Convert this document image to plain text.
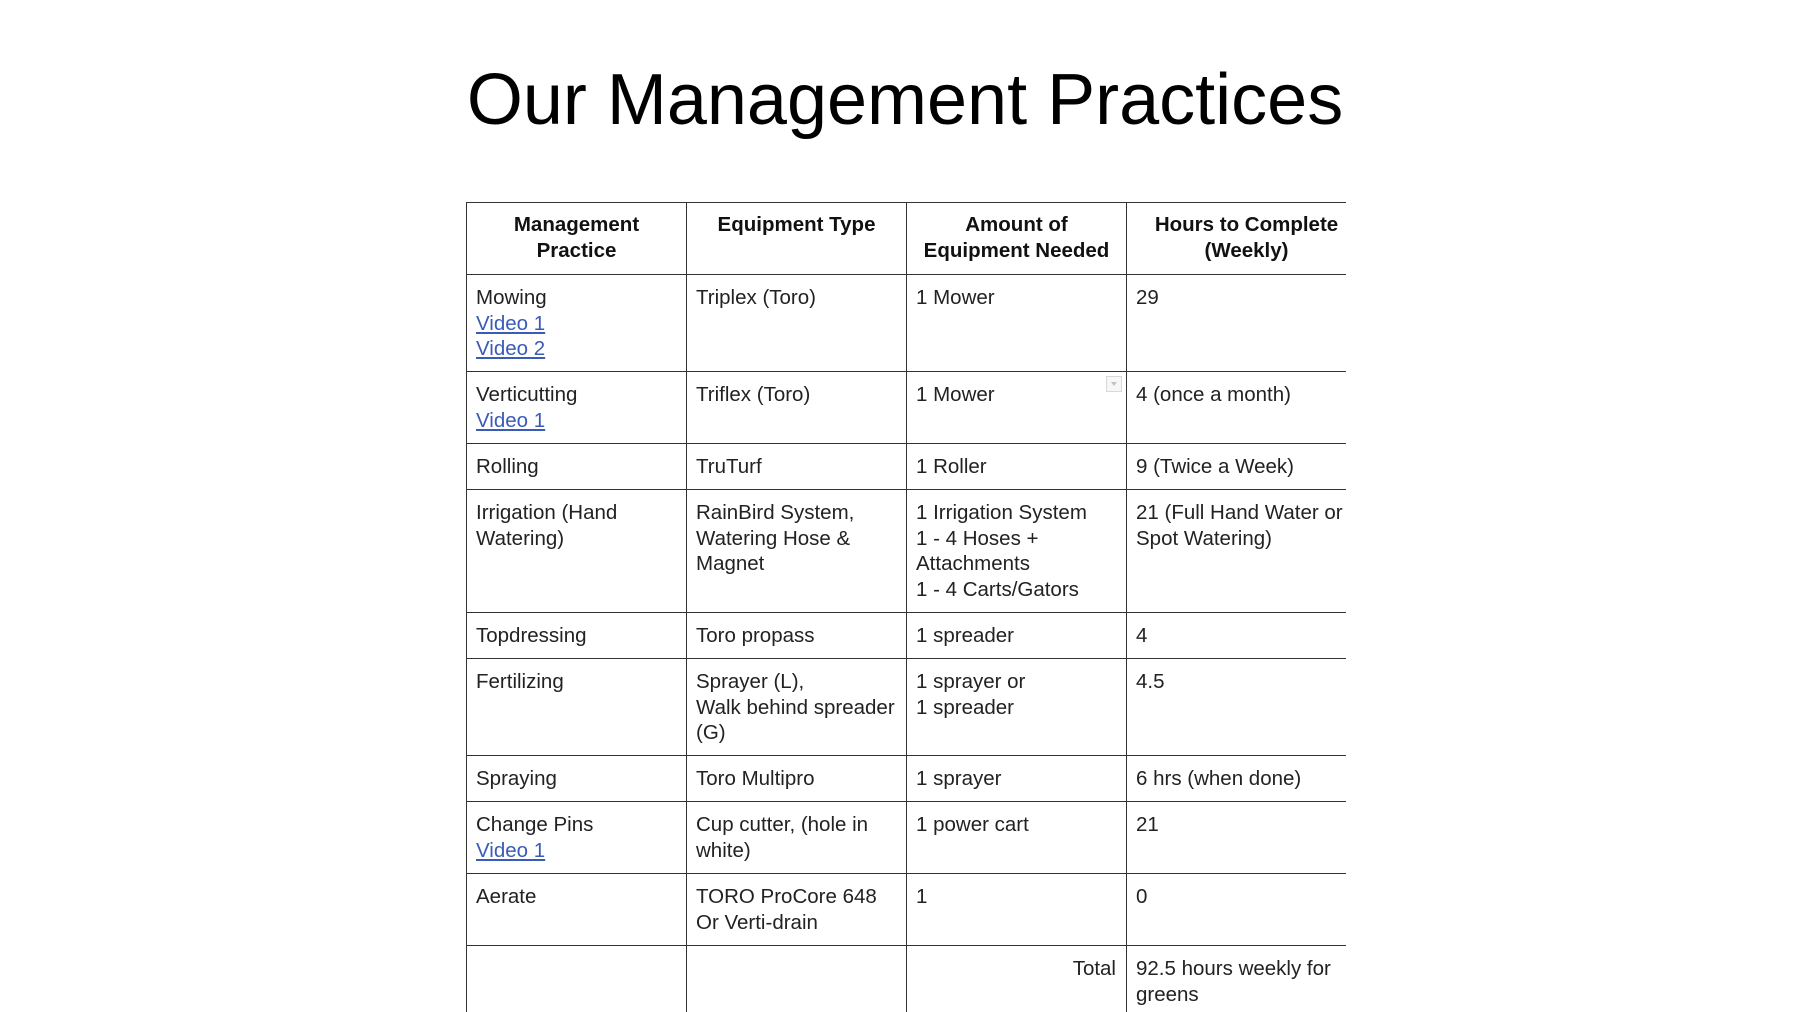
Our Management Practices
Management Practice	Equipment Type	Amount of Equipment Needed	Hours to Complete (Weekly)

Mowing
Video 1
Video 2	Triplex (Toro)	1 Mower	29

Verticutting
Video 1	Triflex (Toro)	1 Mower	4 (once a month)

Rolling	TruTurf	1 Roller	9 (Twice a Week)

Irrigation (Hand Watering)	RainBird System, Watering Hose & Magnet	1 Irrigation System
1 - 4 Hoses + Attachments
1 - 4 Carts/Gators	21 (Full Hand Water or Spot Watering)

Topdressing	Toro propass	1 spreader	4

Fertilizing	Sprayer (L),
Walk behind spreader (G)	1 sprayer or
1 spreader	4.5

Spraying	Toro Multipro	1 sprayer	6 hrs (when done)

Change Pins
Video 1	Cup cutter, (hole in white)	1 power cart	21

Aerate	TORO ProCore 648
Or Verti-drain	1	0
		Total	92.5 hours weekly for greens
